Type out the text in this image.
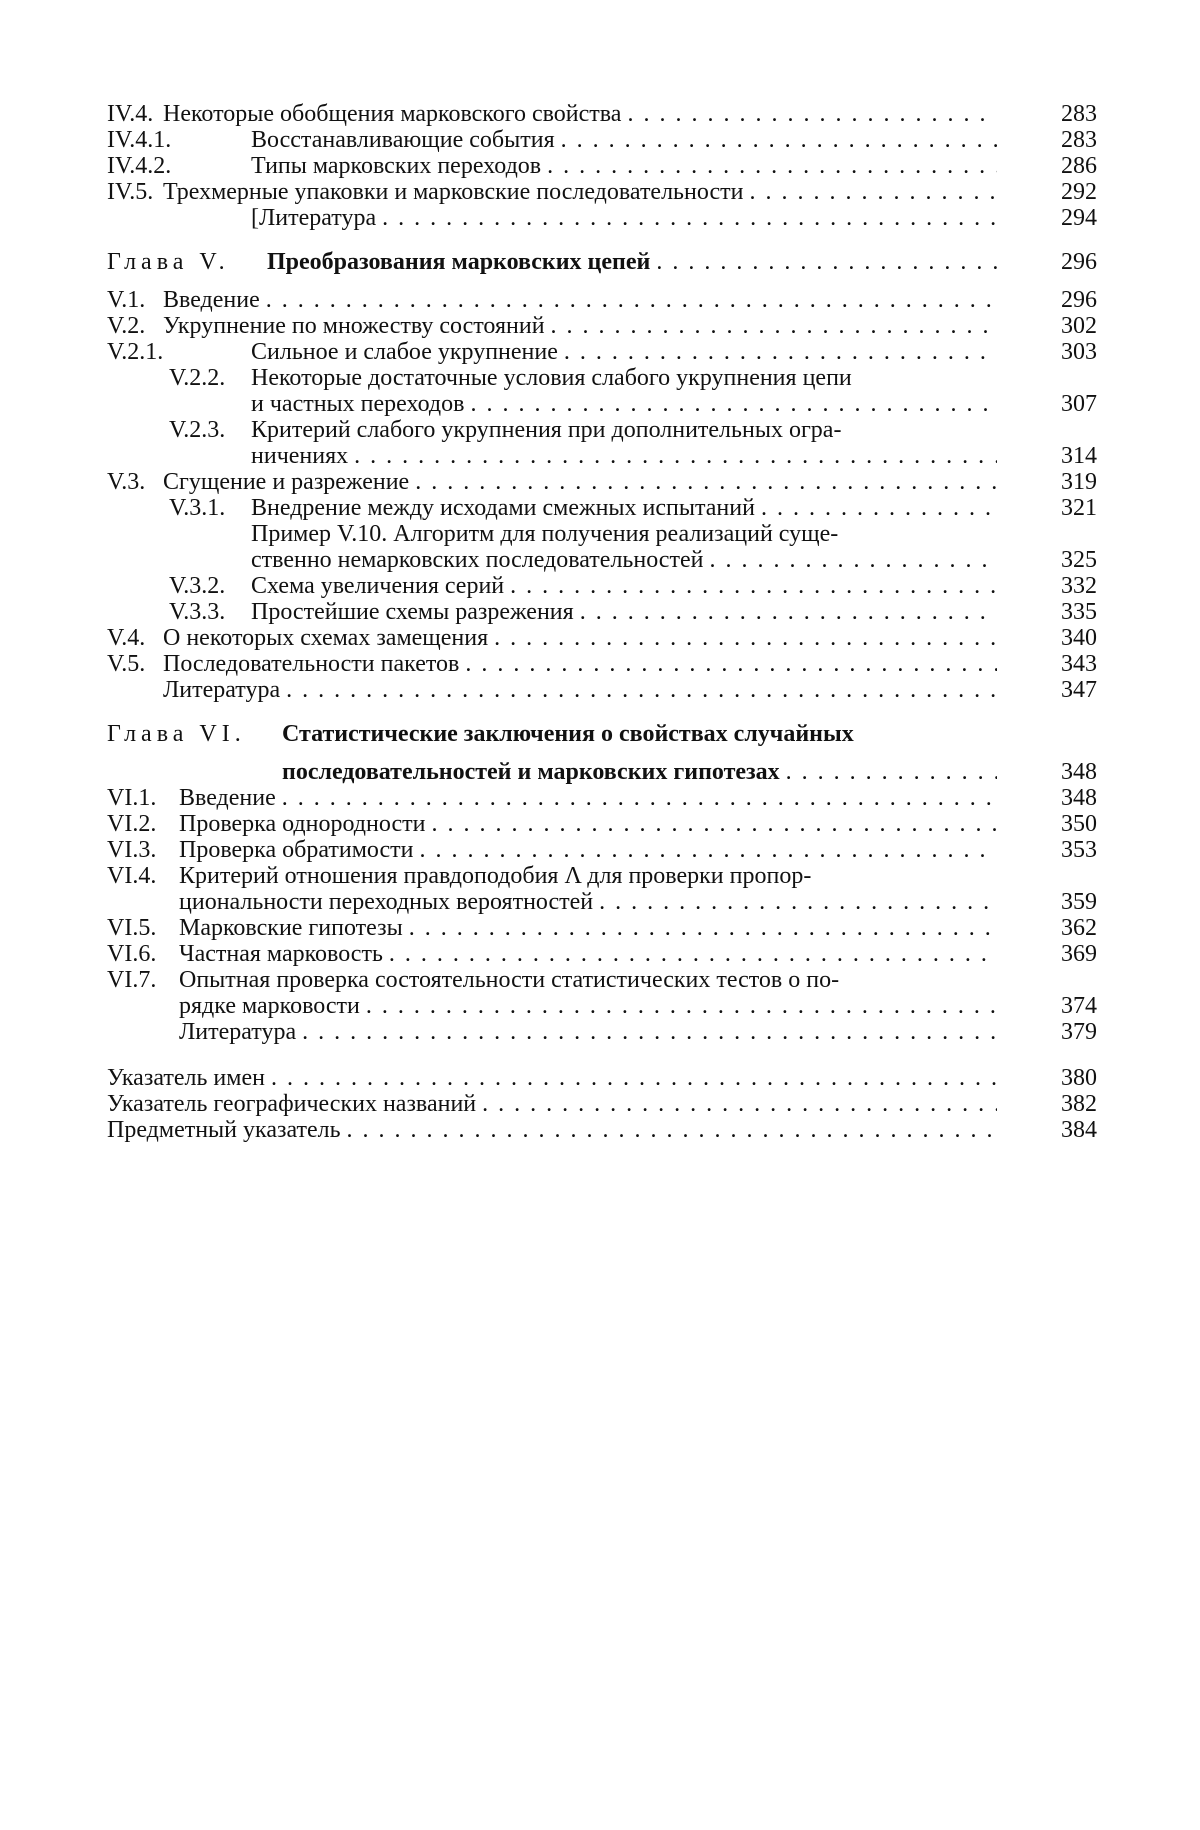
IV.4. Некоторые обобщения марковского свойства . . .	283
IV.4.1.	Восстанавливающие события . . .	283
IV.4.2.	Типы марковских переходов . . .	286
IV.5. Трехмерные упаковки и марковские последовательности . . .	292
[Литература . . .	294
Глава V. Преобразования марковских цепей . . .	296
V.1. Введение . . .	296
V.2. Укрупнение по множеству состояний . . .	302
V.2.1.	Сильное и слабое укрупнение . . .	303
V.2.2. Некоторые достаточные условия слабого укрупнения цепи
и частных переходов . . .	307
V.2.3. Критерий слабого укрупнения при дополнительных огра-
ничениях . . .	314
V.3. Сгущение и разрежение . . .	319
V.3.1. Внедрение между исходами смежных испытаний . . .	321
Пример V.10. Алгоритм для получения реализаций суще-
ственно немарковских последовательностей . . .	325
V.3.2. Схема увеличения серий . . .	332
V.3.3. Простейшие схемы разрежения . . .	335
V.4. О некоторых схемах замещения . . .	340
V.5. Последовательности пакетов . . .	343
Литература . . .	347
Глава VI. Статистические заключения о свойствах случайных
последовательностей и марковских гипотезах . . .	348
VI.1. Введение . . .	348
VI.2. Проверка однородности . . .	350
VI.3. Проверка обратимости . . .	353
VI.4. Критерий отношения правдоподобия Λ для проверки пропор-
циональности переходных вероятностей . . .	359
VI.5. Марковские гипотезы . . .	362
VI.6. Частная марковость . . .	369
VI.7. Опытная проверка состоятельности статистических тестов о по-
рядке марковости . . .	374
Литература . . .	379
Указатель имен . . .	380
Указатель географических названий . . .	382
Предметный указатель . . .	384
